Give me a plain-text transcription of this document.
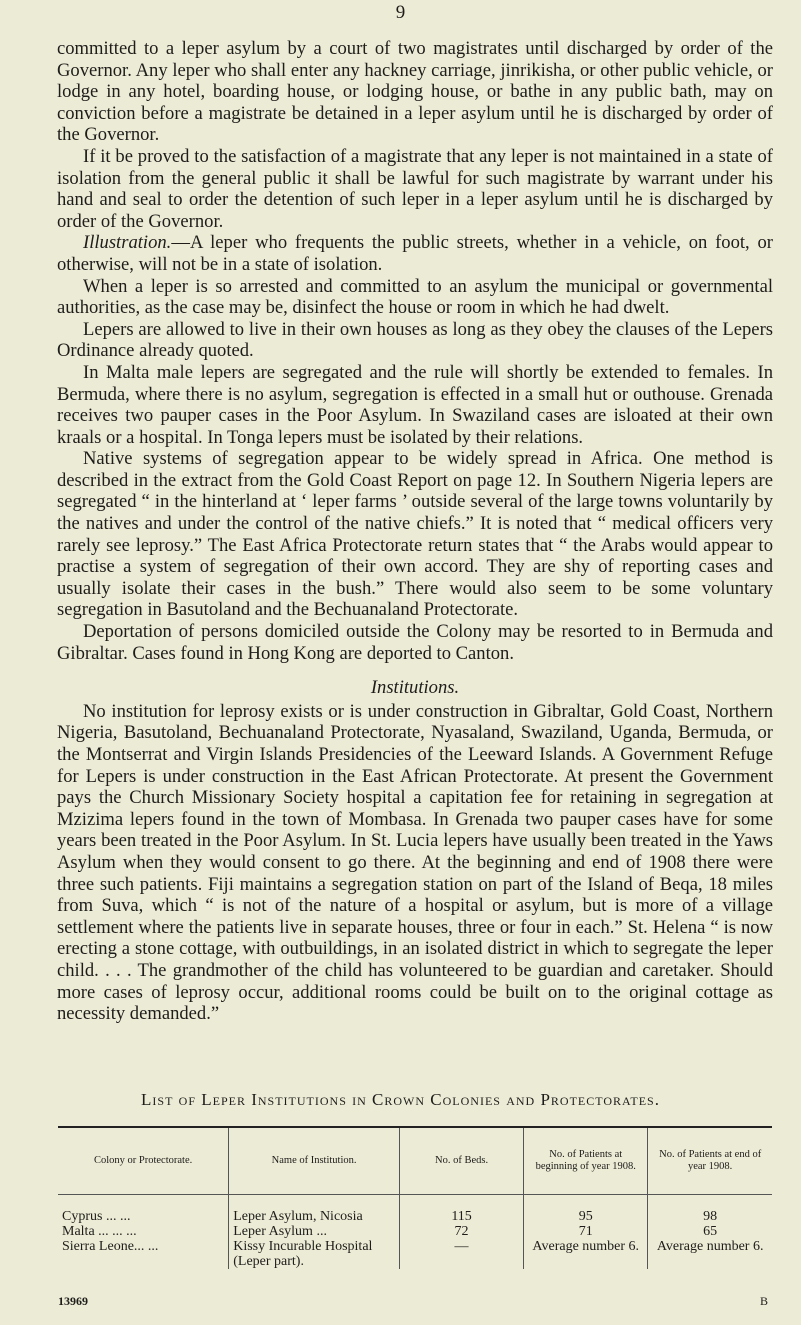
9

committed to a leper asylum by a court of two magistrates until discharged by order of the Governor. Any leper who shall enter any hackney carriage, jinrikisha, or other public vehicle, or lodge in any hotel, boarding house, or lodging house, or bathe in any public bath, may on conviction before a magistrate be detained in a leper asylum until he is discharged by order of the Governor.

If it be proved to the satisfaction of a magistrate that any leper is not maintained in a state of isolation from the general public it shall be lawful for such magistrate by warrant under his hand and seal to order the detention of such leper in a leper asylum until he is discharged by order of the Governor.

Illustration.—A leper who frequents the public streets, whether in a vehicle, on foot, or otherwise, will not be in a state of isolation.

When a leper is so arrested and committed to an asylum the municipal or governmental authorities, as the case may be, disinfect the house or room in which he had dwelt.

Lepers are allowed to live in their own houses as long as they obey the clauses of the Lepers Ordinance already quoted.

In Malta male lepers are segregated and the rule will shortly be extended to females. In Bermuda, where there is no asylum, segregation is effected in a small hut or outhouse. Grenada receives two pauper cases in the Poor Asylum. In Swaziland cases are isloated at their own kraals or a hospital. In Tonga lepers must be isolated by their relations.

Native systems of segregation appear to be widely spread in Africa. One method is described in the extract from the Gold Coast Report on page 12. In Southern Nigeria lepers are segregated “ in the hinterland at ‘ leper farms ’ outside several of the large towns voluntarily by the natives and under the control of the native chiefs.” It is noted that “ medical officers very rarely see leprosy.” The East Africa Protectorate return states that “ the Arabs would appear to practise a system of segregation of their own accord. They are shy of reporting cases and usually isolate their cases in the bush.” There would also seem to be some voluntary segregation in Basutoland and the Bechuanaland Protectorate.

Deportation of persons domiciled outside the Colony may be resorted to in Bermuda and Gibraltar. Cases found in Hong Kong are deported to Canton.

Institutions.

No institution for leprosy exists or is under construction in Gibraltar, Gold Coast, Northern Nigeria, Basutoland, Bechuanaland Protectorate, Nyasaland, Swaziland, Uganda, Bermuda, or the Montserrat and Virgin Islands Presidencies of the Leeward Islands. A Government Refuge for Lepers is under construction in the East African Protectorate. At present the Government pays the Church Missionary Society hospital a capitation fee for retaining in segregation at Mzizima lepers found in the town of Mombasa. In Grenada two pauper cases have for some years been treated in the Poor Asylum. In St. Lucia lepers have usually been treated in the Yaws Asylum when they would consent to go there. At the beginning and end of 1908 there were three such patients. Fiji maintains a segregation station on part of the Island of Beqa, 18 miles from Suva, which “ is not of the nature of a hospital or asylum, but is more of a village settlement where the patients live in separate houses, three or four in each.” St. Helena “ is now erecting a stone cottage, with outbuildings, in an isolated district in which to segregate the leper child. . . . The grandmother of the child has volunteered to be guardian and caretaker. Should more cases of leprosy occur, additional rooms could be built on to the original cottage as necessity demanded.”

List of Leper Institutions in Crown Colonies and Protectorates.
Colony or Protectorate.	Name of Institution.	No. of Beds.	No. of Patients at beginning of year 1908.	No. of Patients at end of year 1908.
Cyprus ... ...	Leper Asylum, Nicosia	115	95	98
Malta ... ... ...	Leper Asylum ...	72	71	65
Sierra Leone... ...	Kissy Incurable Hospital (Leper part).	—	Average number 6.	Average number 6.
13969	B
